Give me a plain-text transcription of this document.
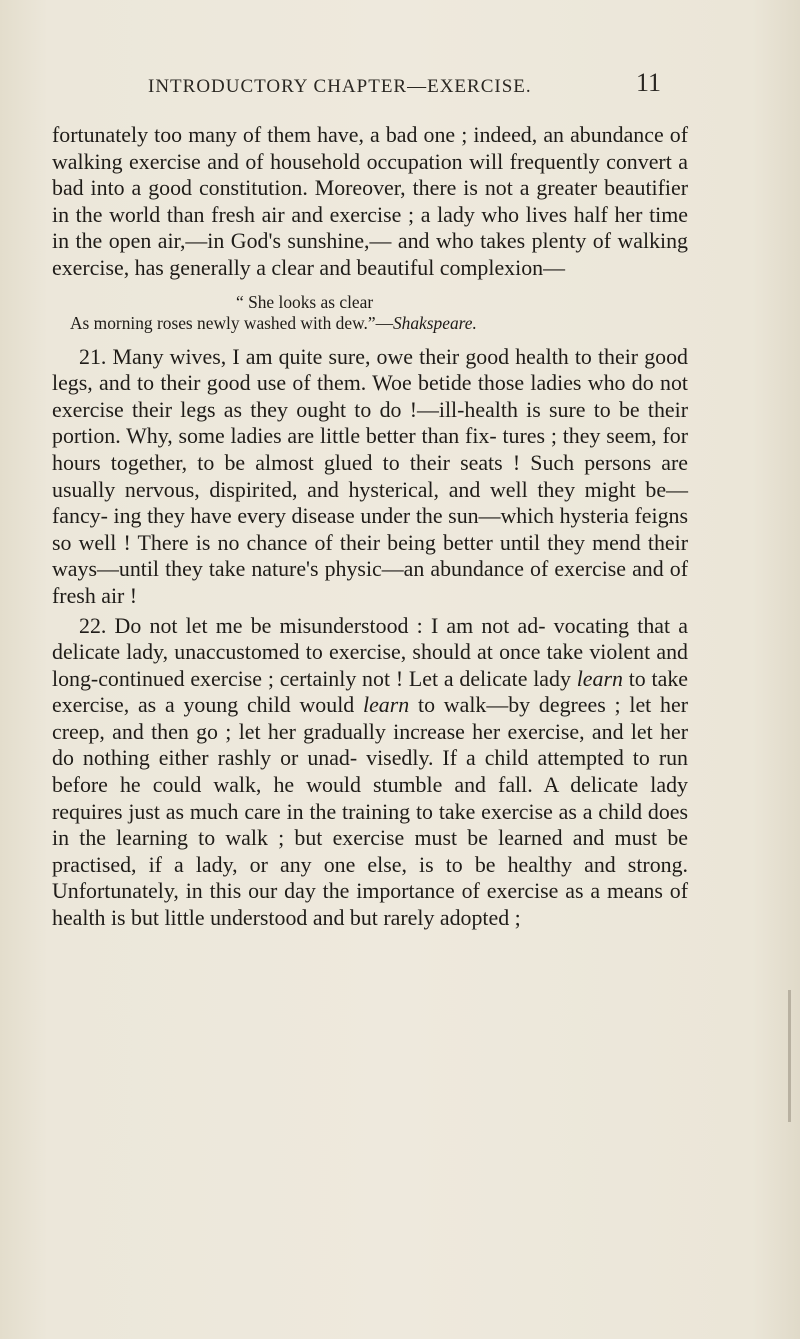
INTRODUCTORY CHAPTER—EXERCISE.	11

fortunately too many of them have, a bad one ; indeed, an abundance of walking exercise and of household occupation will frequently convert a bad into a good constitution. Moreover, there is not a greater beautifier in the world than fresh air and exercise ; a lady who lives half her time in the open air,—in God's sunshine,— and who takes plenty of walking exercise, has generally a clear and beautiful complexion—

“ She looks as clear
As morning roses newly washed with dew.”—Shakspeare.

21. Many wives, I am quite sure, owe their good health to their good legs, and to their good use of them. Woe betide those ladies who do not exercise their legs as they ought to do !—ill-health is sure to be their portion. Why, some ladies are little better than fix- tures ; they seem, for hours together, to be almost glued to their seats ! Such persons are usually nervous, dispirited, and hysterical, and well they might be—fancy- ing they have every disease under the sun—which hysteria feigns so well ! There is no chance of their being better until they mend their ways—until they take nature's physic—an abundance of exercise and of fresh air !

22. Do not let me be misunderstood : I am not ad- vocating that a delicate lady, unaccustomed to exercise, should at once take violent and long-continued exercise ; certainly not ! Let a delicate lady learn to take exercise, as a young child would learn to walk—by degrees ; let her creep, and then go ; let her gradually increase her exercise, and let her do nothing either rashly or unad- visedly. If a child attempted to run before he could walk, he would stumble and fall. A delicate lady requires just as much care in the training to take exercise as a child does in the learning to walk ; but exercise must be learned and must be practised, if a lady, or any one else, is to be healthy and strong. Unfortunately, in this our day the importance of exercise as a means of health is but little understood and but rarely adopted ;
